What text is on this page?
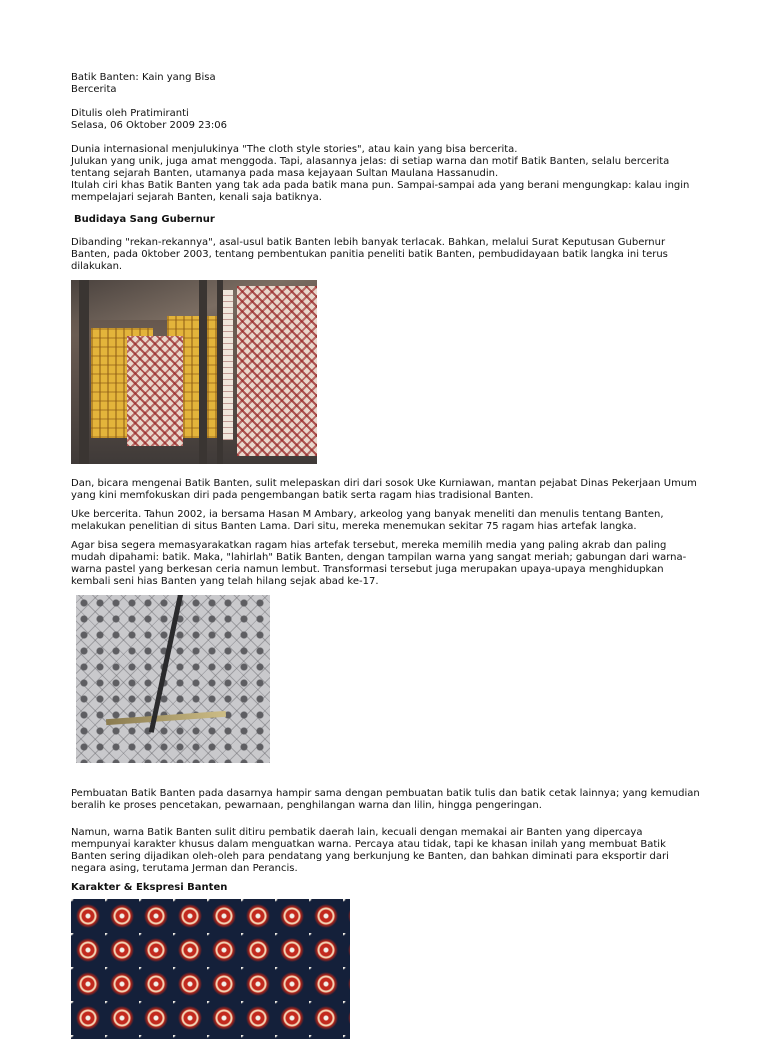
Batik Banten: Kain yang Bisa
Bercerita

Ditulis oleh Pratimiranti
Selasa, 06 Oktober 2009 23:06

Dunia internasional menjulukinya "The cloth style stories", atau kain yang bisa bercerita.
Julukan yang unik, juga amat menggoda. Tapi, alasannya jelas: di setiap warna dan motif Batik Banten, selalu bercerita tentang sejarah Banten, utamanya pada masa kejayaan Sultan Maulana Hassanudin.
Itulah ciri khas Batik Banten yang tak ada pada batik mana pun. Sampai-sampai ada yang berani mengungkap: kalau ingin mempelajari sejarah Banten, kenali saja batiknya.

Budidaya Sang Gubernur

Dibanding "rekan-rekannya", asal-usul batik Banten lebih banyak terlacak. Bahkan, melalui Surat Keputusan Gubernur Banten, pada 0ktober 2003, tentang pembentukan panitia peneliti batik Banten, pembudidayaan batik langka ini terus dilakukan.

Dan, bicara mengenai Batik Banten, sulit melepaskan diri dari sosok Uke Kurniawan, mantan pejabat Dinas Pekerjaan Umum yang kini memfokuskan diri pada pengembangan batik serta ragam hias tradisional Banten.

Uke bercerita. Tahun 2002, ia bersama Hasan M Ambary, arkeolog yang banyak meneliti dan menulis tentang Banten, melakukan penelitian di situs Banten Lama. Dari situ, mereka menemukan sekitar 75 ragam hias artefak langka.

Agar bisa segera memasyarakatkan ragam hias artefak tersebut, mereka memilih media yang paling akrab dan paling mudah dipahami: batik. Maka, "lahirlah" Batik Banten, dengan tampilan warna yang sangat meriah; gabungan dari warna-warna pastel yang berkesan ceria namun lembut. Transformasi tersebut juga merupakan upaya-upaya menghidupkan kembali seni hias Banten yang telah hilang sejak abad ke-17.

Pembuatan Batik Banten pada dasarnya hampir sama dengan pembuatan batik tulis dan batik cetak lainnya; yang kemudian beralih ke proses pencetakan, pewarnaan, penghilangan warna dan lilin, hingga pengeringan.

Namun, warna Batik Banten sulit ditiru pembatik daerah lain, kecuali dengan memakai air Banten yang dipercaya mempunyai karakter khusus dalam menguatkan warna. Percaya atau tidak, tapi ke khasan inilah yang membuat Batik Banten sering dijadikan oleh-oleh para pendatang yang berkunjung ke Banten, dan bahkan diminati para eksportir dari negara asing, terutama Jerman dan Perancis.

Karakter & Ekspresi Banten
